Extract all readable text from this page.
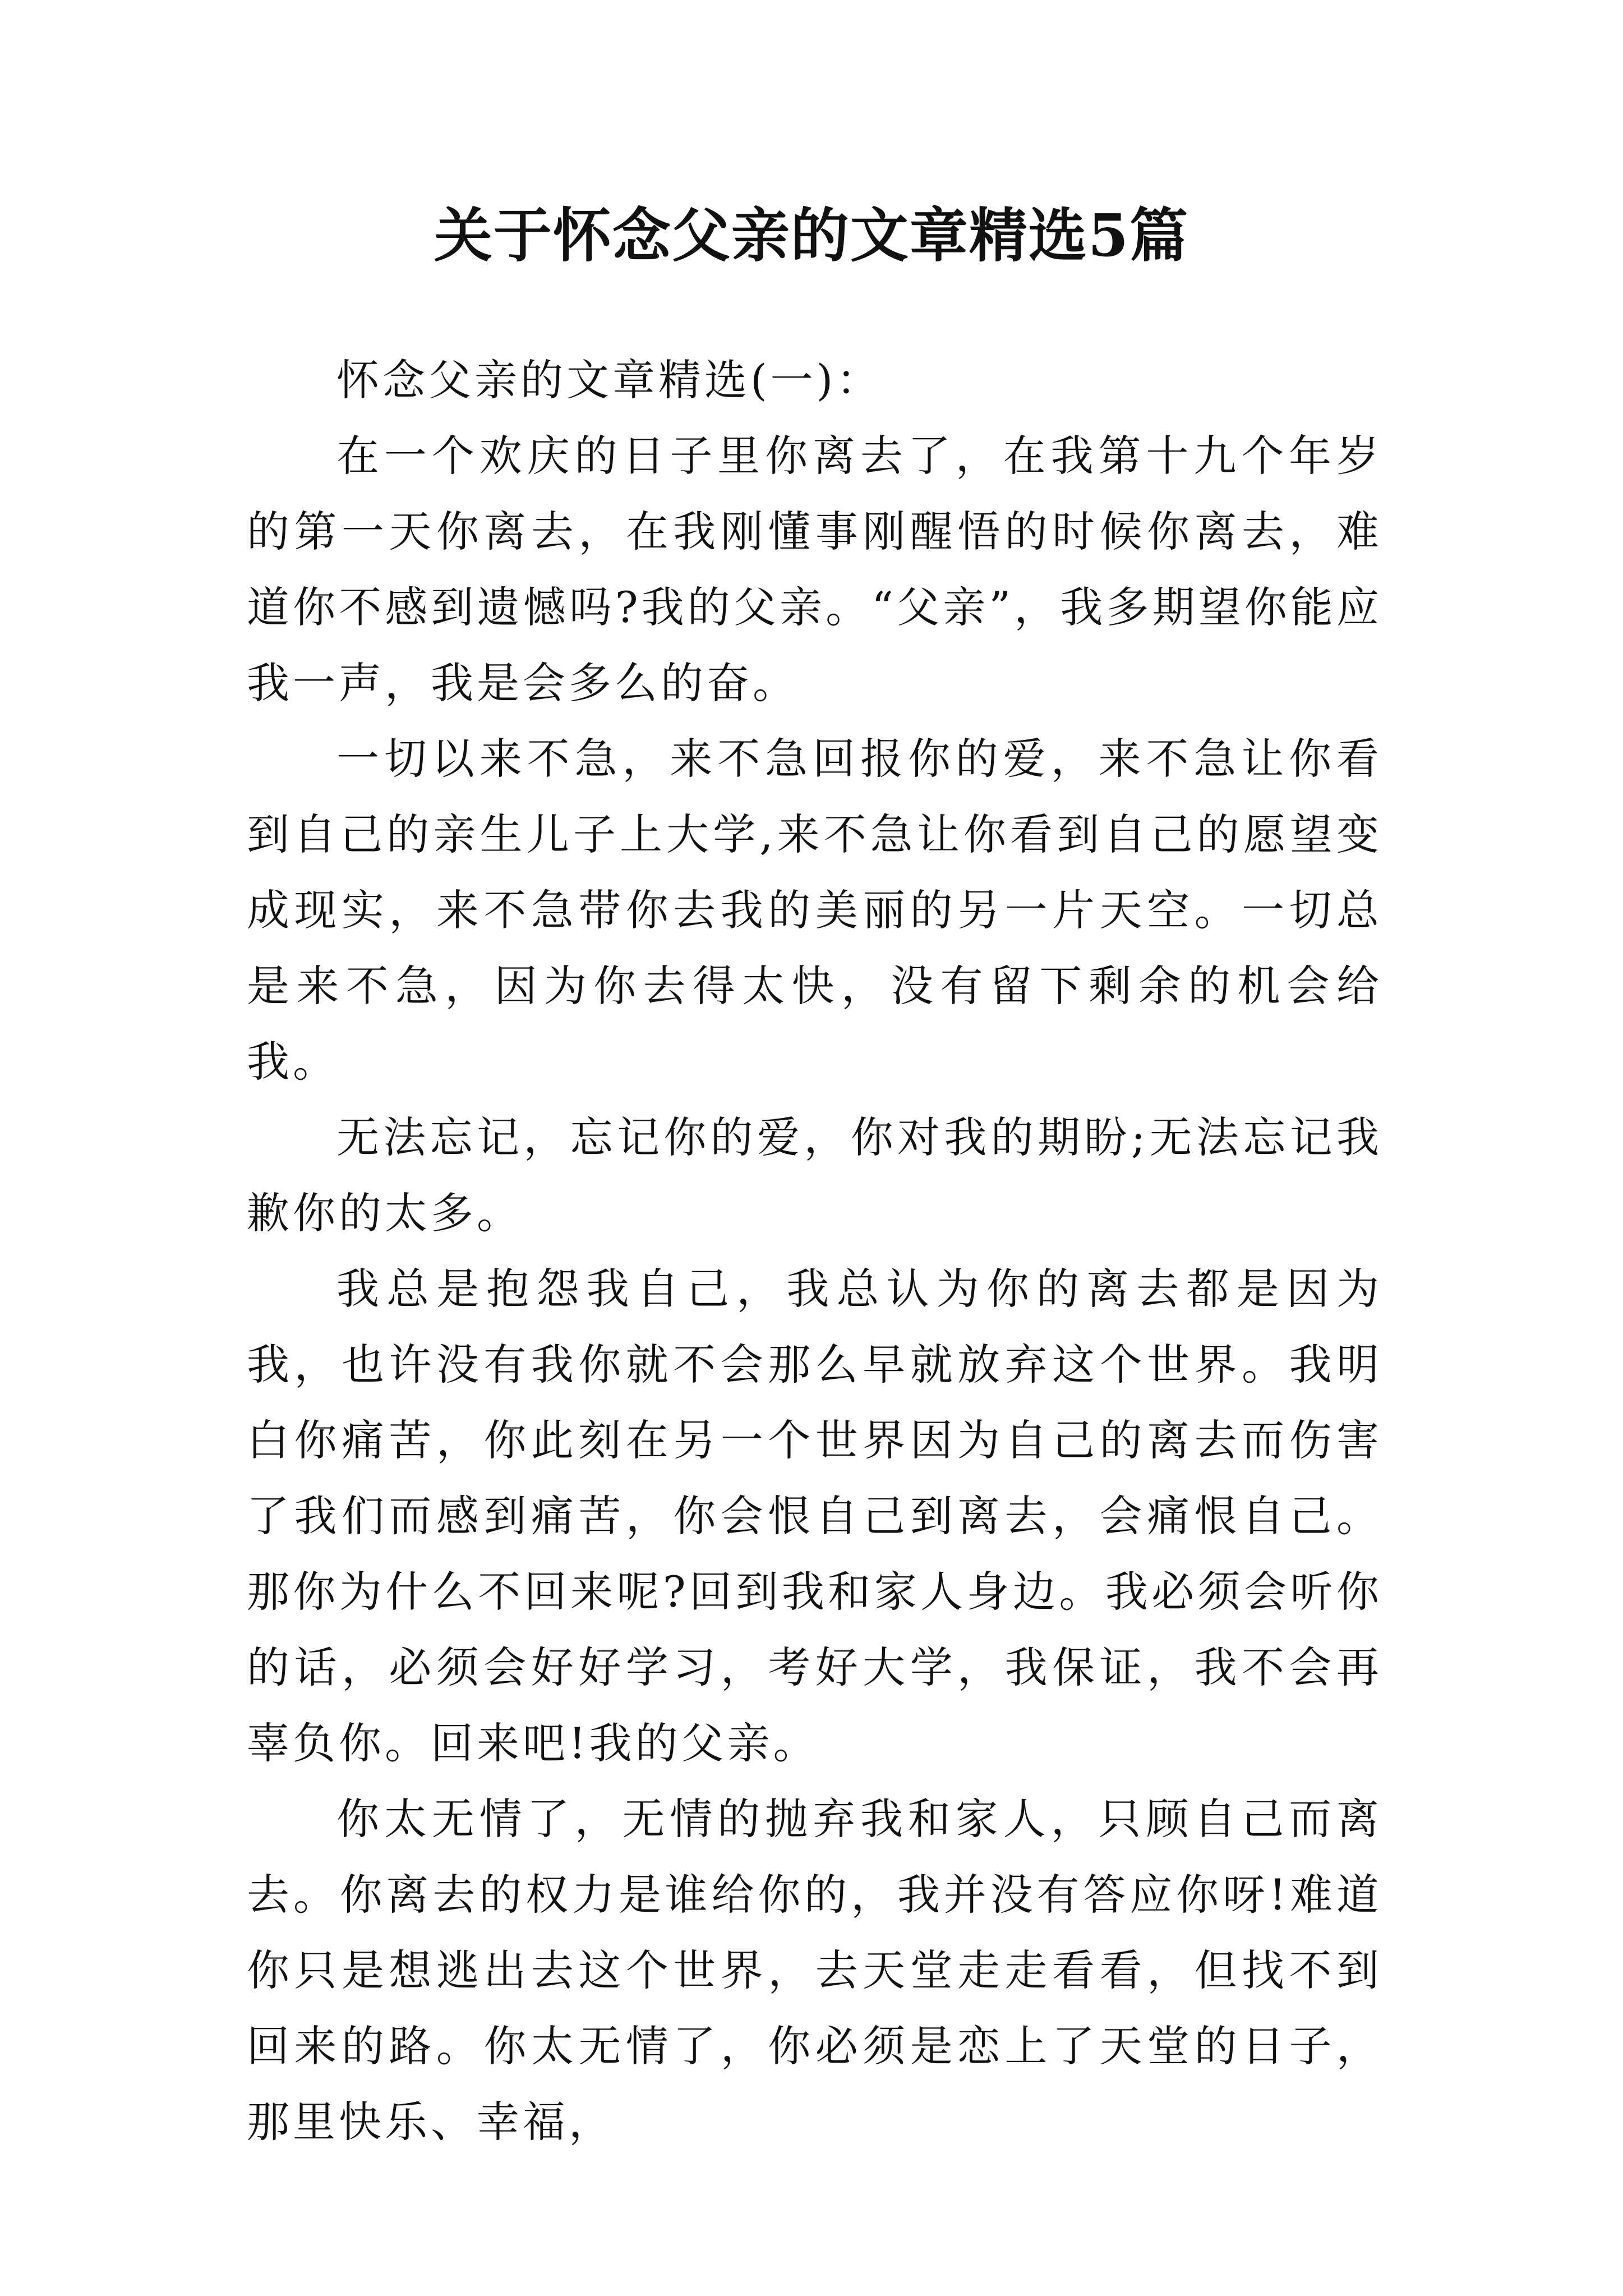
关于怀念父亲的文章精选5篇

怀念父亲的文章精选(一)：

在一个欢庆的日子里你离去了，在我第十九个年岁的第一天你离去，在我刚懂事刚醒悟的时候你离去，难道你不感到遗憾吗?我的父亲。“父亲”，我多期望你能应我一声，我是会多么的奋。

一切以来不急，来不急回报你的爱，来不急让你看到自己的亲生儿子上大学,来不急让你看到自己的愿望变成现实，来不急带你去我的美丽的另一片天空。一切总是来不急，因为你去得太快，没有留下剩余的机会给我。

无法忘记，忘记你的爱，你对我的期盼;无法忘记我歉你的太多。

我总是抱怨我自己，我总认为你的离去都是因为我，也许没有我你就不会那么早就放弃这个世界。我明白你痛苦，你此刻在另一个世界因为自己的离去而伤害了我们而感到痛苦，你会恨自己到离去，会痛恨自己。那你为什么不回来呢?回到我和家人身边。我必须会听你的话，必须会好好学习，考好大学，我保证，我不会再辜负你。回来吧!我的父亲。

你太无情了，无情的抛弃我和家人，只顾自己而离去。你离去的权力是谁给你的，我并没有答应你呀!难道你只是想逃出去这个世界，去天堂走走看看，但找不到回来的路。你太无情了，你必须是恋上了天堂的日子，那里快乐、幸福，
